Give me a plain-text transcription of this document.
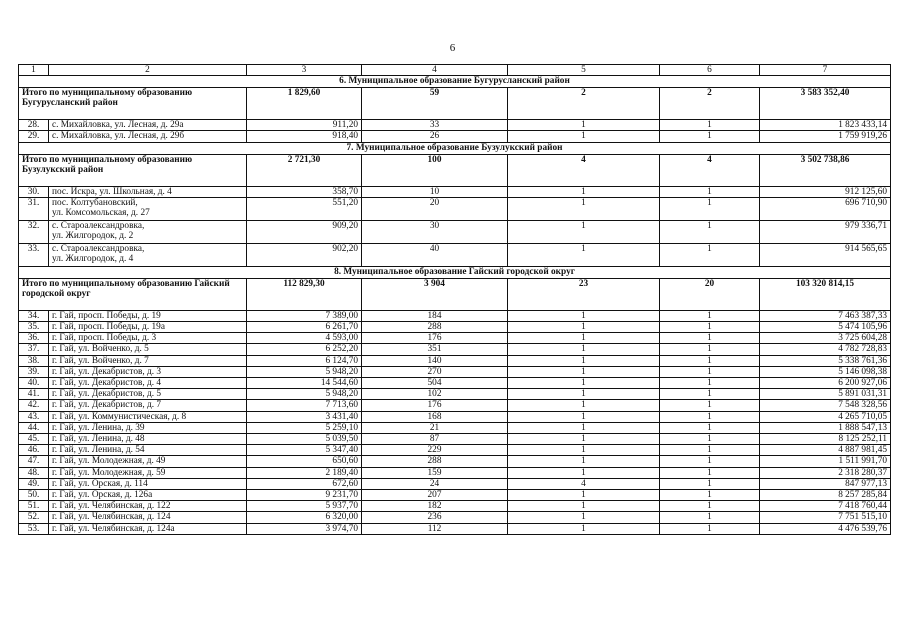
6
1	2	3	4	5	6	7
6. Муниципальное образование Бугурусланский район						
Итого по муниципальному образованию Бугурусланский район		1 829,60	59	2	2	3 583 352,40
28.	с. Михайловка, ул. Лесная, д. 29а	911,20	33	1	1	1 823 433,14
29.	с. Михайловка, ул. Лесная, д. 29б	918,40	26	1	1	1 759 919,26
7. Муниципальное образование Бузулукский район						
Итого по муниципальному образованию Бузулукский район		2 721,30	100	4	4	3 502 738,86
30.	пос. Искра, ул. Школьная, д. 4	358,70	10	1	1	912 125,60
31.	пос. Колтубановский,
ул. Комсомольская, д. 27	551,20	20	1	1	696 710,90
32.	с. Староалександровка,
ул. Жилгородок, д. 2	909,20	30	1	1	979 336,71
33.	с. Староалександровка,
ул. Жилгородок, д. 4	902,20	40	1	1	914 565,65
8. Муниципальное образование Гайский городской округ						
Итого по муниципальному образованию Гайский городской округ		112 829,30	3 904	23	20	103 320 814,15
34.	г. Гай, просп. Победы, д. 19	7 389,00	184	1	1	7 463 387,33
35.	г. Гай, просп. Победы, д. 19а	6 261,70	288	1	1	5 474 105,96
36.	г. Гай, просп. Победы, д. 3	4 593,00	176	1	1	3 725 604,28
37.	г. Гай, ул. Войченко, д. 5	6 252,20	351	1	1	4 782 728,83
38.	г. Гай, ул. Войченко, д. 7	6 124,70	140	1	1	5 338 761,36
39.	г. Гай, ул. Декабристов, д. 3	5 948,20	270	1	1	5 146 098,38
40.	г. Гай, ул. Декабристов, д. 4	14 544,60	504	1	1	6 200 927,06
41.	г. Гай, ул. Декабристов, д. 5	5 948,20	102	1	1	5 891 031,31
42.	г. Гай, ул. Декабристов, д. 7	7 713,60	176	1	1	7 548 328,56
43.	г. Гай, ул. Коммунистическая, д. 8	3 431,40	168	1	1	4 265 710,05
44.	г. Гай, ул. Ленина, д. 39	5 259,10	21	1	1	1 888 547,13
45.	г. Гай, ул. Ленина, д. 48	5 039,50	87	1	1	8 125 252,11
46.	г. Гай, ул. Ленина, д. 54	5 347,40	229	1	1	4 887 981,45
47.	г. Гай, ул. Молодежная, д. 49	650,60	288	1	1	1 511 991,70
48.	г. Гай, ул. Молодежная, д. 59	2 189,40	159	1	1	2 318 280,37
49.	г. Гай, ул. Орская, д. 114	672,60	24	4	1	847 977,13
50.	г. Гай, ул. Орская, д. 126а	9 231,70	207	1	1	8 257 285,84
51.	г. Гай, ул. Челябинская, д. 122	5 937,70	182	1	1	7 418 760,44
52.	г. Гай, ул. Челябинская, д. 124	6 320,00	236	1	1	7 751 515,10
53.	г. Гай, ул. Челябинская, д. 124а	3 974,70	112	1	1	4 476 539,76
